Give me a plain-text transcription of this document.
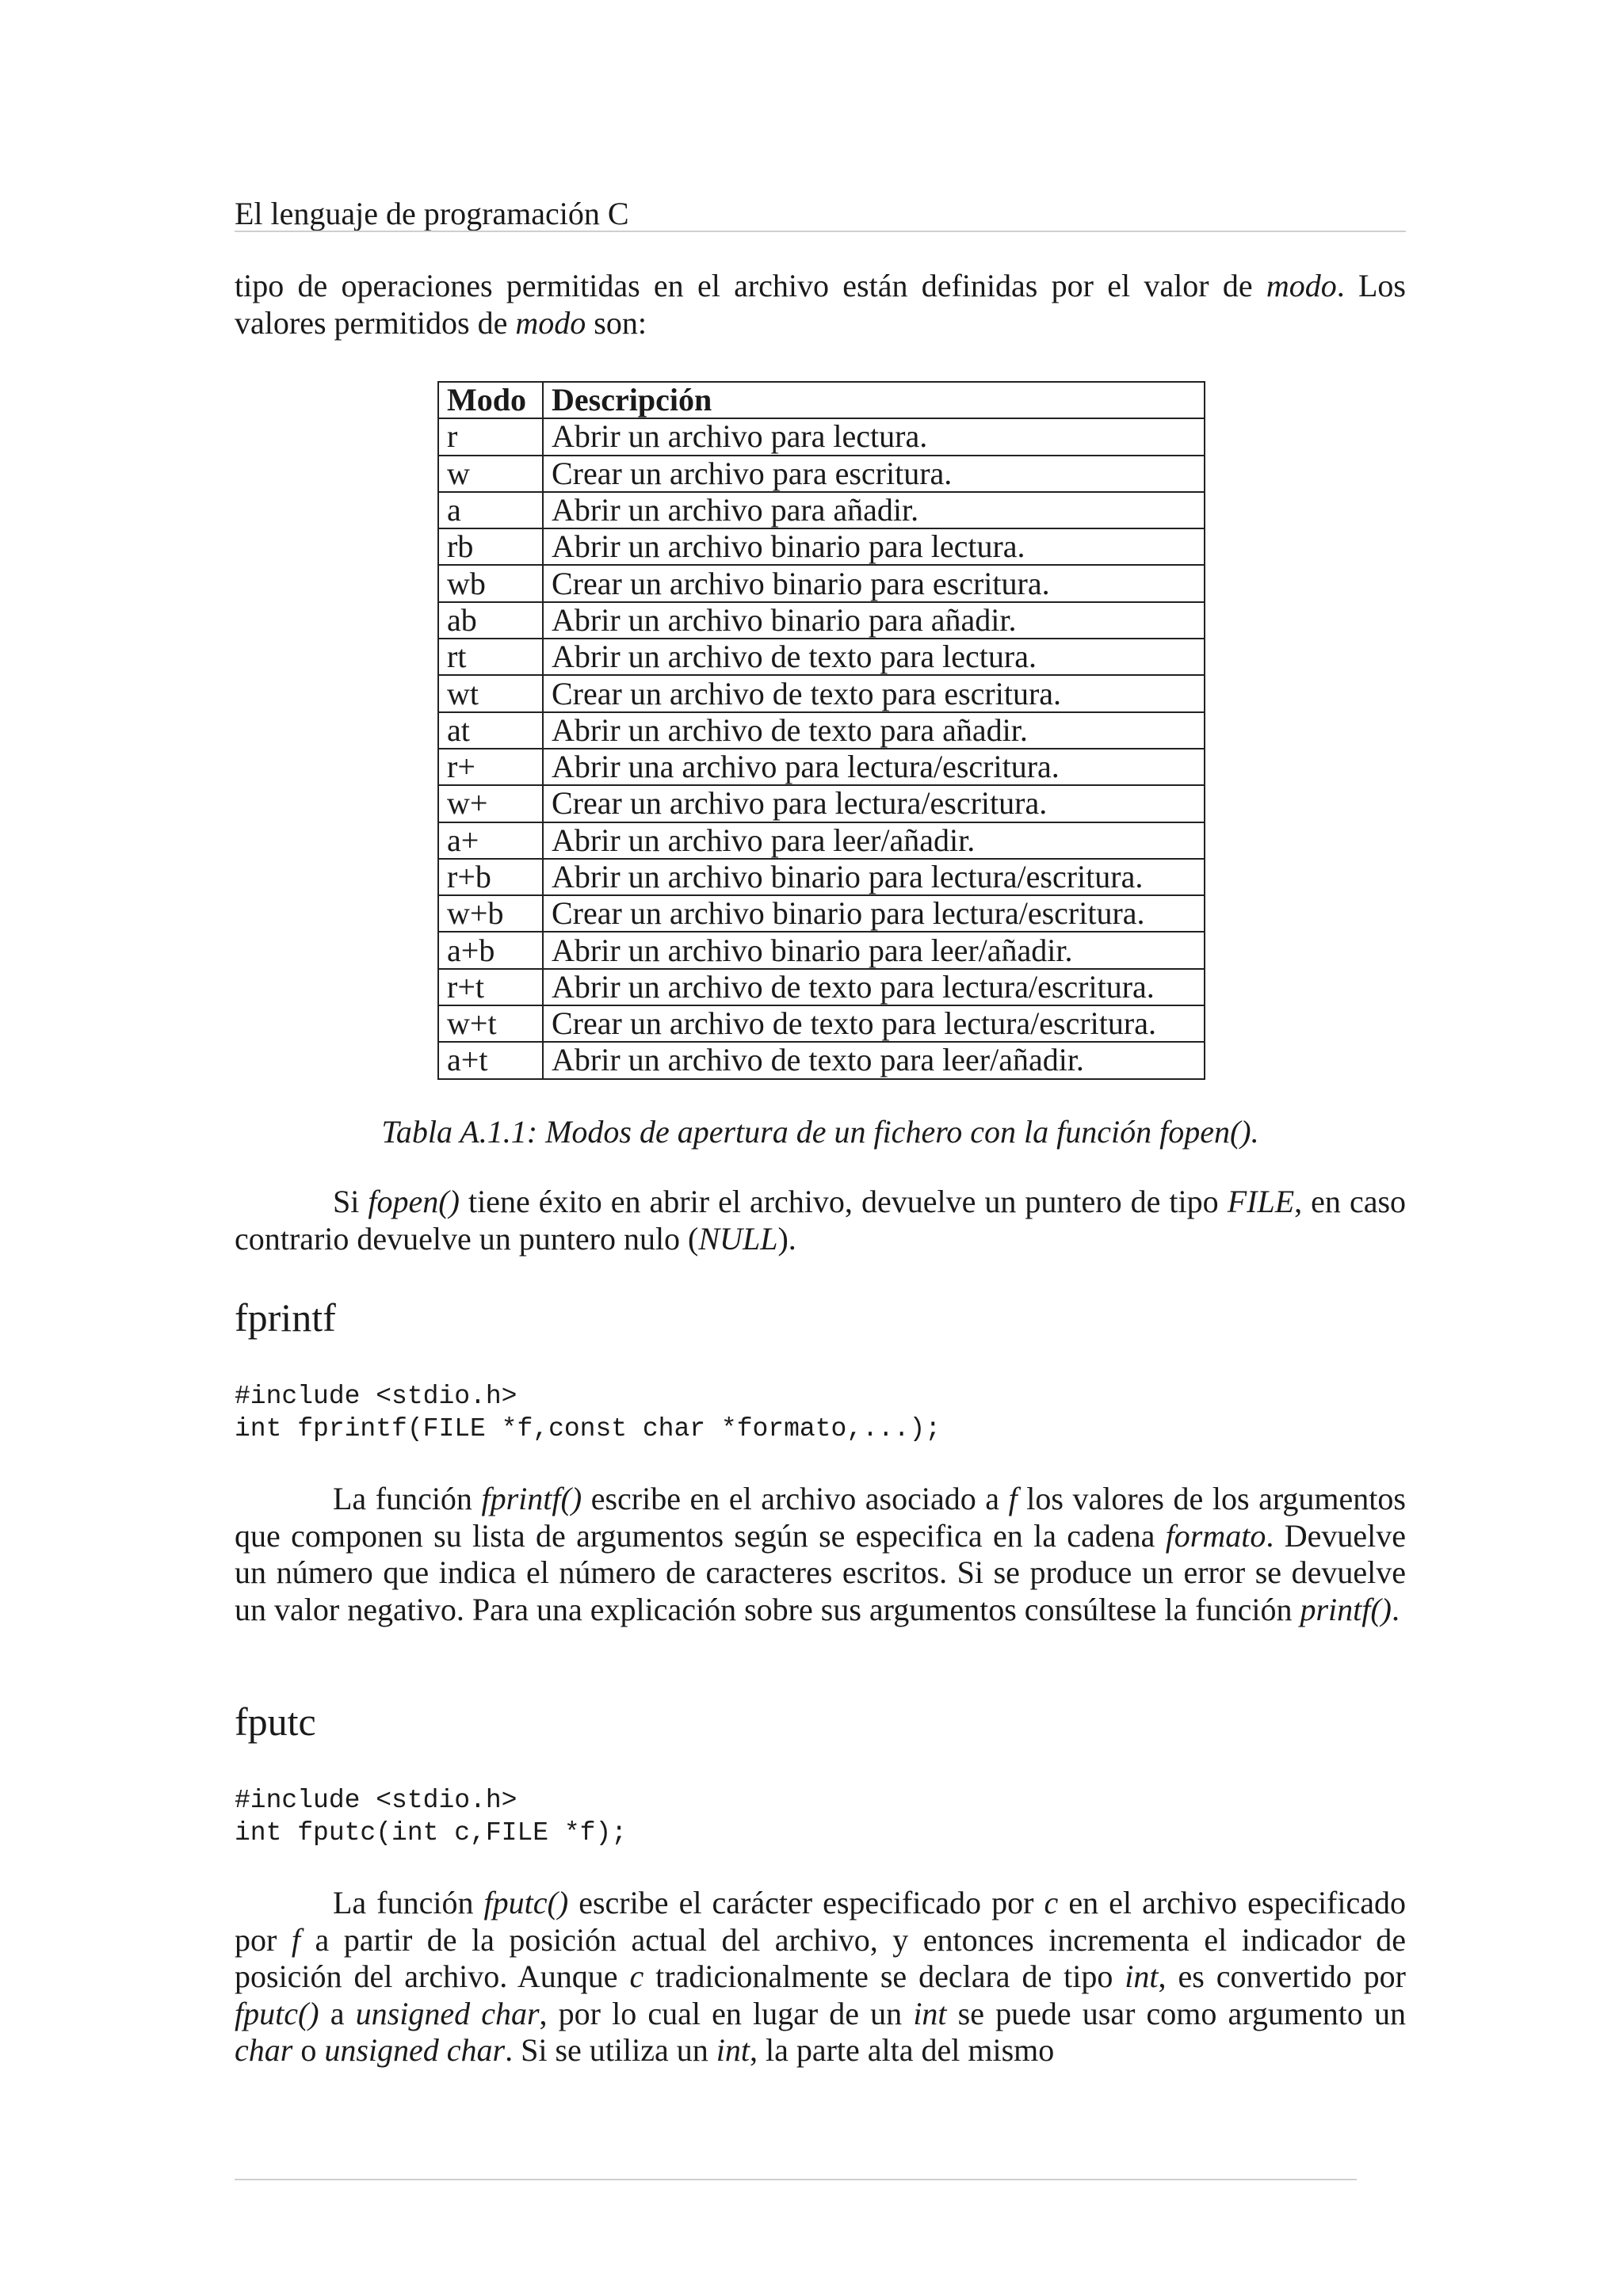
El lenguaje de programación C

tipo de operaciones permitidas en el archivo están definidas por el valor de modo. Los valores permitidos de modo son:

Modo	Descripción
r	Abrir un archivo para lectura.
w	Crear un archivo para escritura.
a	Abrir un archivo para añadir.
rb	Abrir un archivo binario para lectura.
wb	Crear un archivo binario para escritura.
ab	Abrir un archivo binario para añadir.
rt	Abrir un archivo de texto para lectura.
wt	Crear un archivo de texto para escritura.
at	Abrir un archivo de texto para añadir.
r+	Abrir una archivo para lectura/escritura.
w+	Crear un archivo para lectura/escritura.
a+	Abrir un archivo para leer/añadir.
r+b	Abrir un archivo binario para lectura/escritura.
w+b	Crear un archivo binario para lectura/escritura.
a+b	Abrir un archivo binario para leer/añadir.
r+t	Abrir un archivo de texto para lectura/escritura.
w+t	Crear un archivo de texto para lectura/escritura.
a+t	Abrir un archivo de texto para leer/añadir.

Tabla A.1.1: Modos de apertura de un fichero con la función fopen().

Si fopen() tiene éxito en abrir el archivo, devuelve un puntero de tipo FILE, en caso contrario devuelve un puntero nulo (NULL).

fprintf
#include <stdio.h>
int fprintf(FILE *f,const char *formato,...);

La función fprintf() escribe en el archivo asociado a f los valores de los argumentos que componen su lista de argumentos según se especifica en la cadena formato. Devuelve un número que indica el número de caracteres escritos. Si se produce un error se devuelve un valor negativo. Para una explicación sobre sus argumentos consúltese la función printf().

fputc
#include <stdio.h>
int fputc(int c,FILE *f);

La función fputc() escribe el carácter especificado por c en el archivo especificado por f a partir de la posición actual del archivo, y entonces incrementa el indicador de posición del archivo. Aunque c tradicionalmente se declara de tipo int, es convertido por fputc() a unsigned char, por lo cual en lugar de un int se puede usar como argumento un char o unsigned char. Si se utiliza un int, la parte alta del mismo
